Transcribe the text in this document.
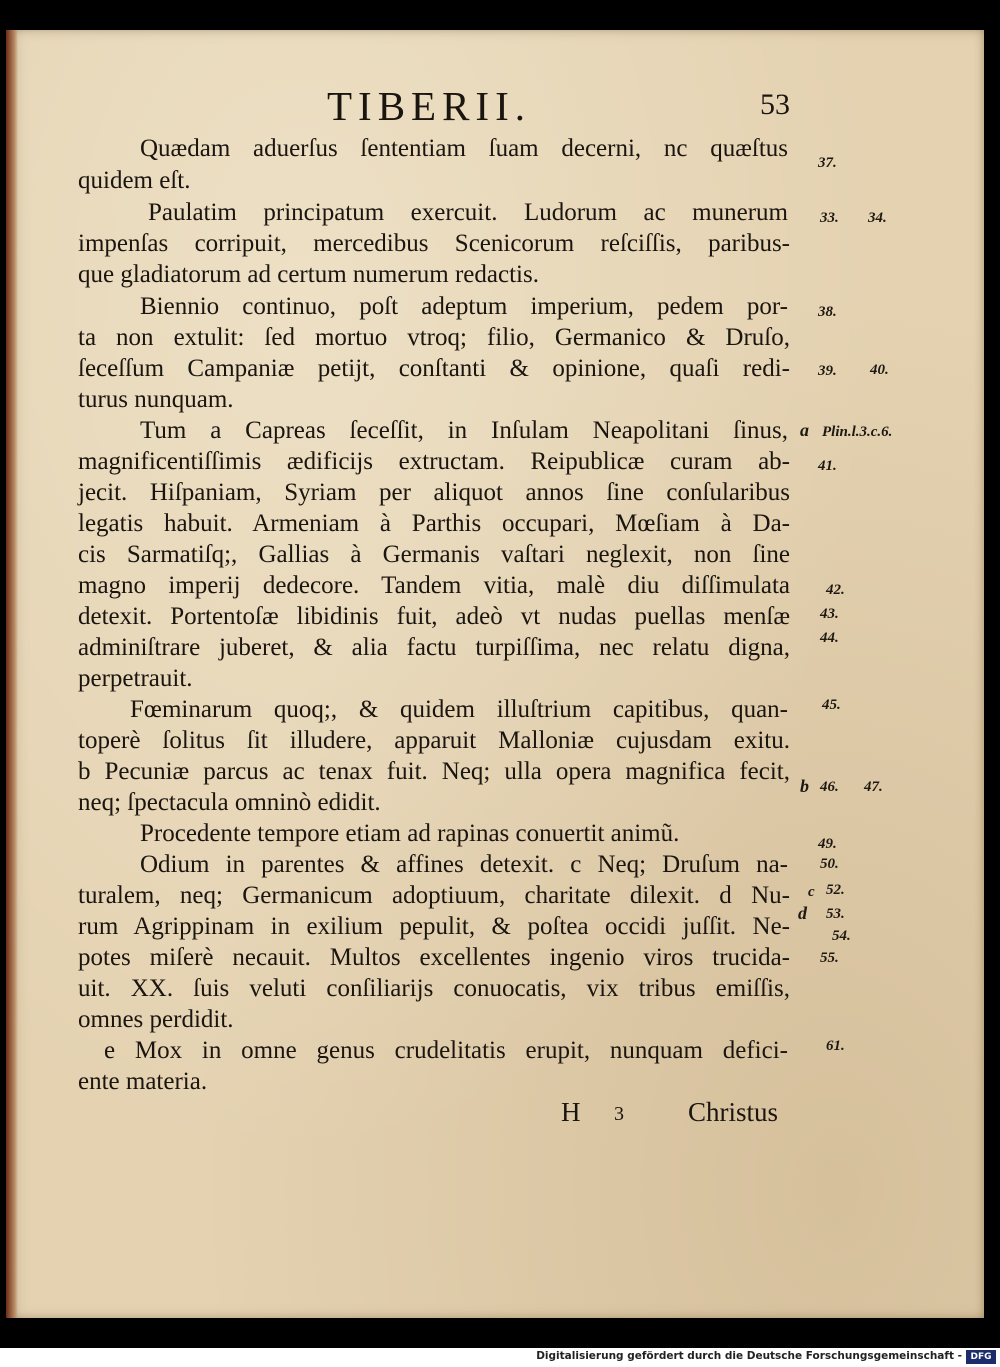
TIBERII.	53
Quædam aduerſus ſententiam ſuam decerni, nc quæſtus
quidem eſt.
Paulatim principatum exercuit. Ludorum ac munerum
impenſas corripuit, mercedibus Scenicorum reſciſſis, paribus-
que gladiatorum ad certum numerum redactis.
Biennio continuo, poſt adeptum imperium, pedem por-
ta non extulit: ſed mortuo vtroq; filio, Germanico & Druſo,
ſeceſſum Campaniæ petijt, conſtanti & opinione, quaſi redi-
turus nunquam.
Tum a Capreas ſeceſſit, in Inſulam Neapolitani ſinus,
magnificentiſſimis ædificijs extructam. Reipublicæ curam ab-
jecit. Hiſpaniam, Syriam per aliquot annos ſine conſularibus
legatis habuit. Armeniam à Parthis occupari, Mœſiam à Da-
cis Sarmatiſq;, Gallias à Germanis vaſtari neglexit, non ſine
magno imperij dedecore. Tandem vitia, malè diu diſſimulata
detexit. Portentoſæ libidinis fuit, adeò vt nudas puellas menſæ
adminiſtrare juberet, & alia factu turpiſſima, nec relatu digna,
perpetrauit.
Fœminarum quoq;, & quidem illuſtrium capitibus, quan-
toperè ſolitus ſit illudere, apparuit Malloniæ cujusdam exitu.
b Pecuniæ parcus ac tenax fuit. Neq; ulla opera magnifica fecit,
neq; ſpectacula omninò edidit.
Procedente tempore etiam ad rapinas conuertit animũ.
Odium in parentes & affines detexit. c Neq; Druſum na-
turalem, neq; Germanicum adoptiuum, charitate dilexit. d Nu-
rum Agrippinam in exilium pepulit, & poſtea occidi juſſit. Ne-
potes miſerè necauit. Multos excellentes ingenio viros trucida-
uit. XX. ſuis veluti conſiliarijs conuocatis, vix tribus emiſſis,
omnes perdidit.
e Mox in omne genus crudelitatis erupit, nunquam defici-
ente materia.
37.
33. 34.
38.
39. 40.
a Plin.l.3.c.6.
41.
42.
43.
44.
45.
b 46. 47.
49.
50.
c 52.
d 53.
54.
55.
61.
H 3 Christus
Digitalisierung gefördert durch die Deutsche Forschungsgemeinschaft - DFG
